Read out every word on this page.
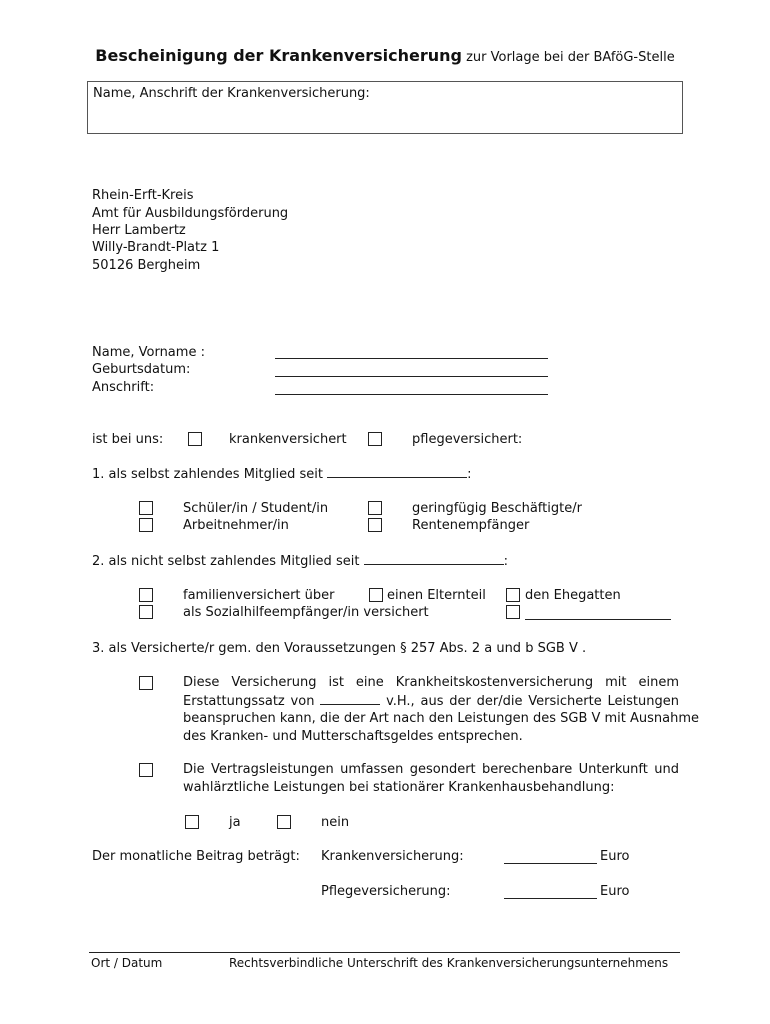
Bescheinigung der Krankenversicherung zur Vorlage bei der BAföG-Stelle
Name, Anschrift der Krankenversicherung:
Rhein-Erft-Kreis
Amt für Ausbildungsförderung
Herr Lambertz
Willy-Brandt-Platz 1
50126 Bergheim
Name, Vorname :
Geburtsdatum:
Anschrift:
ist bei uns:	krankenversichert	pflegeversichert:
1. als selbst zahlendes Mitglied seit	:
Schüler/in / Student/in	geringfügig Beschäftigte/r
Arbeitnehmer/in	Rentenempfänger
2. als nicht selbst zahlendes Mitglied seit	:
familienversichert über	einen Elternteil	den Ehegatten
als Sozialhilfeempfänger/in versichert
3. als Versicherte/r gem. den Voraussetzungen § 257 Abs. 2 a und b SGB V .
Diese Versicherung ist eine Krankheitskostenversicherung mit einem
Erstattungssatz von	v.H., aus der der/die Versicherte Leistungen
beanspruchen kann, die der Art nach den Leistungen des SGB V mit Ausnahme
des Kranken- und Mutterschaftsgeldes entsprechen.
Die Vertragsleistungen umfassen gesondert berechenbare Unterkunft und
wahlärztliche Leistungen bei stationärer Krankenhausbehandlung:
ja	nein
Der monatliche Beitrag beträgt: Krankenversicherung:	Euro
Pflegeversicherung:	Euro
Ort / Datum	Rechtsverbindliche Unterschrift des Krankenversicherungsunternehmens
